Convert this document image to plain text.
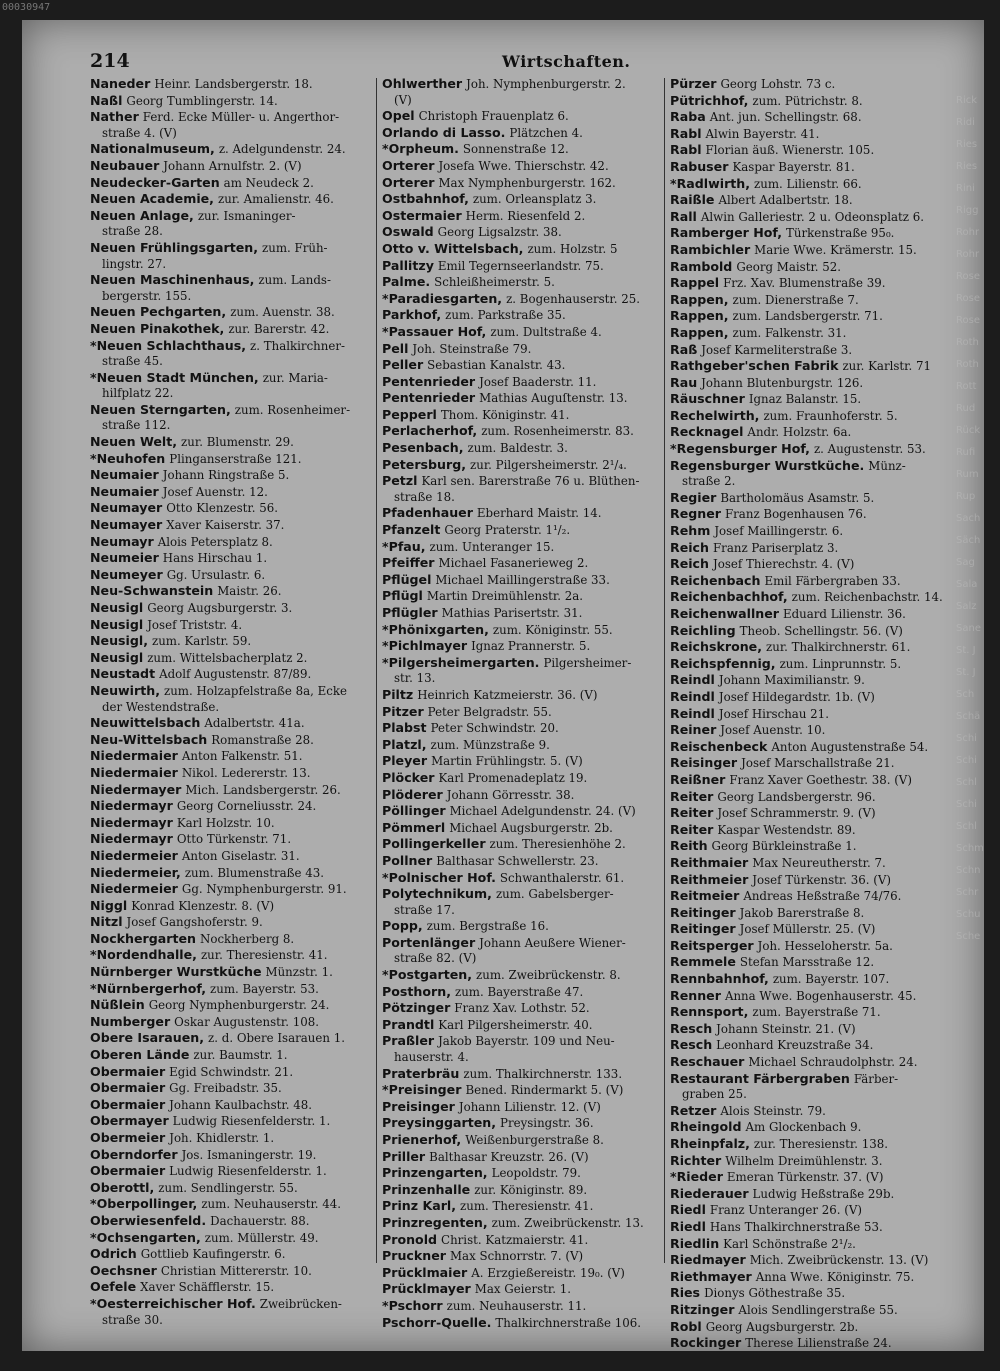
214	Wirtschaften.
Naneder Heinr. Landsbergerstr. 18.
Naßl Georg Tumblingerstr. 14.
Nather Ferd. Ecke Müller- u. Angerthor-
straße 4. (V)
Nationalmuseum, z. Adelgundenstr. 24.
Neubauer Johann Arnulfstr. 2. (V)
Neudecker-Garten am Neudeck 2.
Neuen Academie, zur. Amalienstr. 46.
Neuen Anlage, zur. Ismaninger-
straße 28.
Neuen Frühlingsgarten, zum. Früh-
lingstr. 27.
Neuen Maschinenhaus, zum. Lands-
bergerstr. 155.
Neuen Pechgarten, zum. Auenstr. 38.
Neuen Pinakothek, zur. Barerstr. 42.
*Neuen Schlachthaus, z. Thalkirchner-
straße 45.
*Neuen Stadt München, zur. Maria-
hilfplatz 22.
Neuen Sterngarten, zum. Rosenheimer-
straße 112.
Neuen Welt, zur. Blumenstr. 29.
*Neuhofen Plinganserstraße 121.
Neumaier Johann Ringstraße 5.
Neumaier Josef Auenstr. 12.
Neumayer Otto Klenzestr. 56.
Neumayer Xaver Kaiserstr. 37.
Neumayr Alois Petersplatz 8.
Neumeier Hans Hirschau 1.
Neumeyer Gg. Ursulastr. 6.
Neu-Schwanstein Maistr. 26.
Neusigl Georg Augsburgerstr. 3.
Neusigl Josef Triststr. 4.
Neusigl, zum. Karlstr. 59.
Neusigl zum. Wittelsbacherplatz 2.
Neustadt Adolf Augustenstr. 87/89.
Neuwirth, zum. Holzapfelstraße 8a, Ecke
der Westendstraße.
Neuwittelsbach Adalbertstr. 41a.
Neu-Wittelsbach Romanstraße 28.
Niedermaier Anton Falkenstr. 51.
Niedermaier Nikol. Ledererstr. 13.
Niedermayer Mich. Landsbergerstr. 26.
Niedermayr Georg Corneliusstr. 24.
Niedermayr Karl Holzstr. 10.
Niedermayr Otto Türkenstr. 71.
Niedermeier Anton Giselastr. 31.
Niedermeier, zum. Blumenstraße 43.
Niedermeier Gg. Nymphenburgerstr. 91.
Niggl Konrad Klenzestr. 8. (V)
Nitzl Josef Gangshoferstr. 9.
Nockhergarten Nockherberg 8.
*Nordendhalle, zur. Theresienstr. 41.
Nürnberger Wurstküche Münzstr. 1.
*Nürnbergerhof, zum. Bayerstr. 53.
Nüßlein Georg Nymphenburgerstr. 24.
Numberger Oskar Augustenstr. 108.
Obere Isarauen, z. d. Obere Isarauen 1.
Oberen Lände zur. Baumstr. 1.
Obermaier Egid Schwindstr. 21.
Obermaier Gg. Freibadstr. 35.
Obermaier Johann Kaulbachstr. 48.
Obermayer Ludwig Riesenfelderstr. 1.
Obermeier Joh. Khidlerstr. 1.
Oberndorfer Jos. Ismaningerstr. 19.
Obermaier Ludwig Riesenfelderstr. 1.
Oberottl, zum. Sendlingerstr. 55.
*Oberpollinger, zum. Neuhauserstr. 44.
Oberwiesenfeld. Dachauerstr. 88.
*Ochsengarten, zum. Müllerstr. 49.
Odrich Gottlieb Kaufingerstr. 6.
Oechsner Christian Mittererstr. 10.
Oefele Xaver Schäfflerstr. 15.
*Oesterreichischer Hof. Zweibrücken-
straße 30.
Ohlwerther Joh. Nymphenburgerstr. 2.
(V)
Opel Christoph Frauenplatz 6.
Orlando di Lasso. Plätzchen 4.
*Orpheum. Sonnenstraße 12.
Orterer Josefa Wwe. Thierschstr. 42.
Orterer Max Nymphenburgerstr. 162.
Ostbahnhof, zum. Orleansplatz 3.
Ostermaier Herm. Riesenfeld 2.
Oswald Georg Ligsalzstr. 38.
Otto v. Wittelsbach, zum. Holzstr. 5
Pallitzy Emil Tegernseerlandstr. 75.
Palme. Schleißheimerstr. 5.
*Paradiesgarten, z. Bogenhauserstr. 25.
Parkhof, zum. Parkstraße 35.
*Passauer Hof, zum. Dultstraße 4.
Pell Joh. Steinstraße 79.
Peller Sebastian Kanalstr. 43.
Pentenrieder Josef Baaderstr. 11.
Pentenrieder Mathias Auguſtenstr. 13.
Pepperl Thom. Königinstr. 41.
Perlacherhof, zum. Rosenheimerstr. 83.
Pesenbach, zum. Baldestr. 3.
Petersburg, zur. Pilgersheimerstr. 2¹/₄.
Petzl Karl sen. Barerstraße 76 u. Blüthen-
straße 18.
Pfadenhauer Eberhard Maistr. 14.
Pfanzelt Georg Praterstr. 1¹/₂.
*Pfau, zum. Unteranger 15.
Pfeiffer Michael Fasanerieweg 2.
Pflügel Michael Maillingerstraße 33.
Pflügl Martin Dreimühlenstr. 2a.
Pflügler Mathias Parisertstr. 31.
*Phönixgarten, zum. Königinstr. 55.
*Pichlmayer Ignaz Prannerstr. 5.
*Pilgersheimergarten. Pilgersheimer-
str. 13.
Piltz Heinrich Katzmeierstr. 36. (V)
Pitzer Peter Belgradstr. 55.
Plabst Peter Schwindstr. 20.
Platzl, zum. Münzstraße 9.
Pleyer Martin Frühlingstr. 5. (V)
Plöcker Karl Promenadeplatz 19.
Plöderer Johann Görresstr. 38.
Pöllinger Michael Adelgundenstr. 24. (V)
Pömmerl Michael Augsburgerstr. 2b.
Pollingerkeller zum. Theresienhöhe 2.
Pollner Balthasar Schwellerstr. 23.
*Polnischer Hof. Schwanthalerstr. 61.
Polytechnikum, zum. Gabelsberger-
straße 17.
Popp, zum. Bergstraße 16.
Portenlänger Johann Aeußere Wiener-
straße 82. (V)
*Postgarten, zum. Zweibrückenstr. 8.
Posthorn, zum. Bayerstraße 47.
Pötzinger Franz Xav. Lothstr. 52.
Prandtl Karl Pilgersheimerstr. 40.
Praßler Jakob Bayerstr. 109 und Neu-
hauserstr. 4.
Praterbräu zum. Thalkirchnerstr. 133.
*Preisinger Bened. Rindermarkt 5. (V)
Preisinger Johann Lilienstr. 12. (V)
Preysinggarten, Preysingstr. 36.
Prienerhof, Weißenburgerstraße 8.
Priller Balthasar Kreuzstr. 26. (V)
Prinzengarten, Leopoldstr. 79.
Prinzenhalle zur. Königinstr. 89.
Prinz Karl, zum. Theresienstr. 41.
Prinzregenten, zum. Zweibrückenstr. 13.
Pronold Christ. Katzmaierstr. 41.
Pruckner Max Schnorrstr. 7. (V)
Prücklmaier A. Erzgießereistr. 19₀. (V)
Prücklmayer Max Geierstr. 1.
*Pschorr zum. Neuhauserstr. 11.
Pschorr-Quelle. Thalkirchnerstraße 106.
Pürzer Georg Lohstr. 73 c.
Pütrichhof, zum. Pütrichstr. 8.
Raba Ant. jun. Schellingstr. 68.
Rabl Alwin Bayerstr. 41.
Rabl Florian äuß. Wienerstr. 105.
Rabuser Kaspar Bayerstr. 81.
*Radlwirth, zum. Lilienstr. 66.
Raißle Albert Adalbertstr. 18.
Rall Alwin Galleriestr. 2 u. Odeonsplatz 6.
Ramberger Hof, Türkenstraße 95₀.
Rambichler Marie Wwe. Krämerstr. 15.
Rambold Georg Maistr. 52.
Rappel Frz. Xav. Blumenstraße 39.
Rappen, zum. Dienerstraße 7.
Rappen, zum. Landsbergerstr. 71.
Rappen, zum. Falkenstr. 31.
Raß Josef Karmeliterstraße 3.
Rathgeber'schen Fabrik zur. Karlstr. 71
Rau Johann Blutenburgstr. 126.
Räuschner Ignaz Balanstr. 15.
Rechelwirth, zum. Fraunhoferstr. 5.
Recknagel Andr. Holzstr. 6a.
*Regensburger Hof, z. Augustenstr. 53.
Regensburger Wurstküche. Münz-
straße 2.
Regier Bartholomäus Asamstr. 5.
Regner Franz Bogenhausen 76.
Rehm Josef Maillingerstr. 6.
Reich Franz Pariserplatz 3.
Reich Josef Thierechstr. 4. (V)
Reichenbach Emil Färbergraben 33.
Reichenbachhof, zum. Reichenbachstr. 14.
Reichenwallner Eduard Lilienstr. 36.
Reichling Theob. Schellingstr. 56. (V)
Reichskrone, zur. Thalkirchnerstr. 61.
Reichspfennig, zum. Linprunnstr. 5.
Reindl Johann Maximilianstr. 9.
Reindl Josef Hildegardstr. 1b. (V)
Reindl Josef Hirschau 21.
Reiner Josef Auenstr. 10.
Reischenbeck Anton Augustenstraße 54.
Reisinger Josef Marschallstraße 21.
Reißner Franz Xaver Goethestr. 38. (V)
Reiter Georg Landsbergerstr. 96.
Reiter Josef Schrammerstr. 9. (V)
Reiter Kaspar Westendstr. 89.
Reith Georg Bürkleinstraße 1.
Reithmaier Max Neureutherstr. 7.
Reithmeier Josef Türkenstr. 36. (V)
Reitmeier Andreas Heßstraße 74/76.
Reitinger Jakob Barerstraße 8.
Reitinger Josef Müllerstr. 25. (V)
Reitsperger Joh. Hesseloherstr. 5a.
Remmele Stefan Marsstraße 12.
Rennbahnhof, zum. Bayerstr. 107.
Renner Anna Wwe. Bogenhauserstr. 45.
Rennsport, zum. Bayerstraße 71.
Resch Johann Steinstr. 21. (V)
Resch Leonhard Kreuzstraße 34.
Reschauer Michael Schraudolphstr. 24.
Restaurant Färbergraben Färber-
graben 25.
Retzer Alois Steinstr. 79.
Rheingold Am Glockenbach 9.
Rheinpfalz, zur. Theresienstr. 138.
Richter Wilhelm Dreimühlenstr. 3.
*Rieder Emeran Türkenstr. 37. (V)
Riederauer Ludwig Heßstraße 29b.
Riedl Franz Unteranger 26. (V)
Riedl Hans Thalkirchnerstraße 53.
Riedlin Karl Schönstraße 2¹/₂.
Riedmayer Mich. Zweibrückenstr. 13. (V)
Riethmayer Anna Wwe. Königinstr. 75.
Ries Dionys Göthestraße 35.
Ritzinger Alois Sendlingerstraße 55.
Robl Georg Augsburgerstr. 2b.
Rockinger Therese Lilienstraße 24.
Rick
Ridi
Ries
Ries
Rini
Rigg
Rohr
Rohr
Rose
Rose
Rose
Roth
Roth
Rott
Rud
Rück
Rufi
Rum
Rup
Sach
Säch
Sag
Sala
Salz
Sane
St. J
St. J
Sch
Schä
Schi
Schi
Schl
Schi
Schl
Schm
Schn
Schr
Schu
Sche
00030947
